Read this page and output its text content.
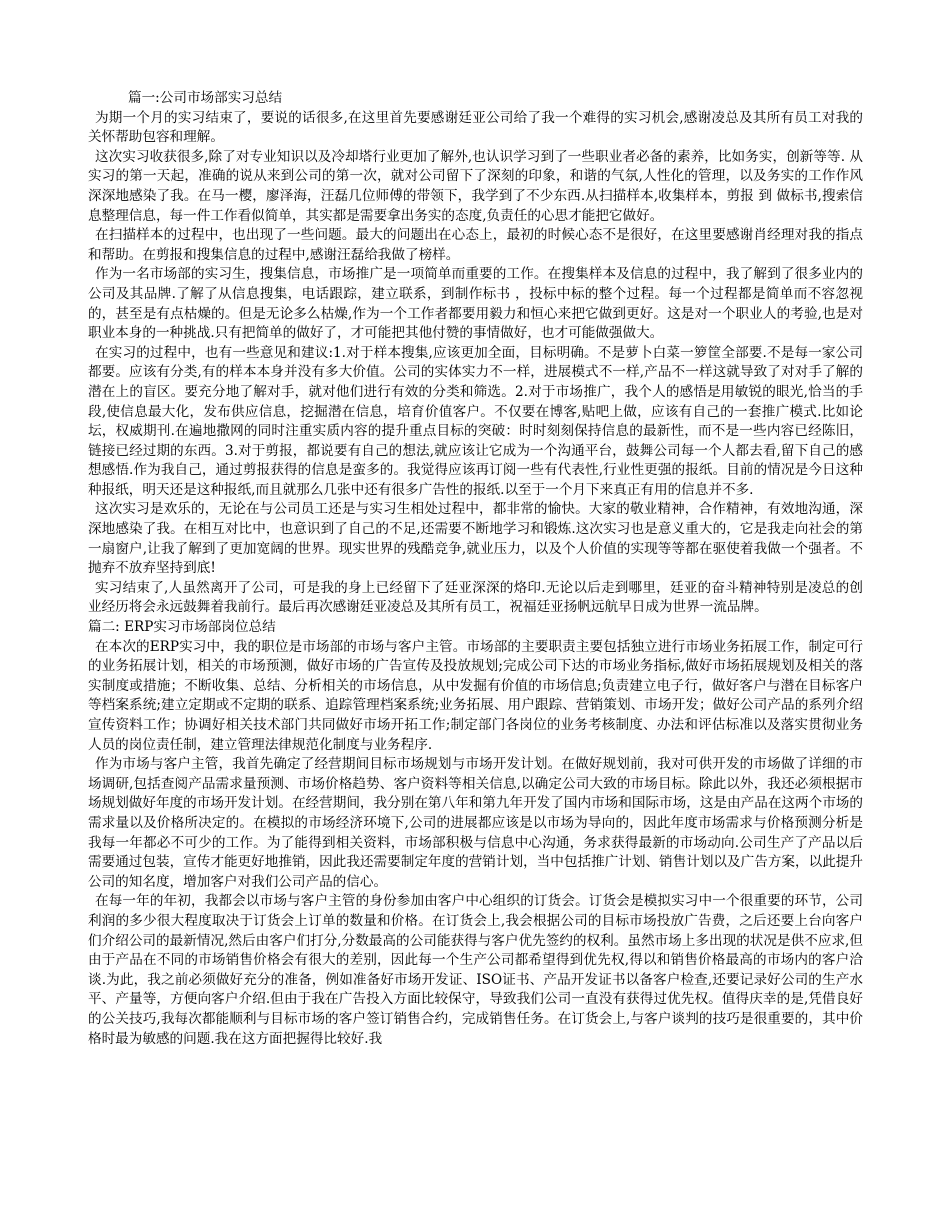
篇一:公司市场部实习总结

为期一个月的实习结束了，要说的话很多,在这里首先要感谢廷亚公司给了我一个难得的实习机会,感谢凌总及其所有员工对我的关怀帮助包容和理解。

这次实习收获很多,除了对专业知识以及冷却塔行业更加了解外,也认识学习到了一些职业者必备的素养，比如务实，创新等等. 从实习的第一天起，准确的说从来到公司的第一次，就对公司留下了深刻的印象，和谐的气氛,人性化的管理，以及务实的工作作风深深地感染了我。在马一樱，廖泽海，汪磊几位师傅的带领下，我学到了不少东西.从扫描样本,收集样本，剪报 到 做标书,搜索信息整理信息，每一件工作看似简单，其实都是需要拿出务实的态度,负责任的心思才能把它做好。

在扫描样本的过程中，也出现了一些问题。最大的问题出在心态上，最初的时候心态不是很好，在这里要感谢肖经理对我的指点和帮助。在剪报和搜集信息的过程中,感谢汪磊给我做了榜样。

作为一名市场部的实习生，搜集信息，市场推广是一项简单而重要的工作。在搜集样本及信息的过程中，我了解到了很多业内的公司及其品牌.了解了从信息搜集，电话跟踪，建立联系，到制作标书 ，投标中标的整个过程。每一个过程都是简单而不容忽视的，甚至是有点枯燥的。但是无论多么枯燥,作为一个工作者都要用毅力和恒心来把它做到更好。这是对一个职业人的考验,也是对职业本身的一种挑战.只有把简单的做好了，才可能把其他付赞的事情做好，也才可能做强做大。

在实习的过程中，也有一些意见和建议:1.对于样本搜集,应该更加全面，目标明确。不是萝卜白菜一箩筐全部要.不是每一家公司都要。应该有分类,有的样本本身并没有多大价值。公司的实体实力不一样，进展模式不一样,产品不一样这就导致了对对手了解的潜在上的盲区。要充分地了解对手，就对他们进行有效的分类和筛选。2.对于市场推广，我个人的感悟是用敏锐的眼光,恰当的手段,使信息最大化，发布供应信息，挖掘潜在信息，培育价值客户。不仅要在博客,贴吧上做，应该有自己的一套推广模式.比如论坛，权威期刊.在遍地撒网的同时注重实质内容的提升重点目标的突破：时时刻刻保持信息的最新性，而不是一些内容已经陈旧，链接已经过期的东西。3.对于剪报，都说要有自己的想法,就应该让它成为一个沟通平台，鼓舞公司每一个人都去看,留下自己的感想感悟.作为我自己，通过剪报获得的信息是蛮多的。我觉得应该再订阅一些有代表性,行业性更强的报纸。目前的情况是今日这种种报纸，明天还是这种报纸,而且就那么几张中还有很多广告性的报纸.以至于一个月下来真正有用的信息并不多.

这次实习是欢乐的，无论在与公司员工还是与实习生相处过程中，都非常的愉快。大家的敬业精神，合作精神，有效地沟通，深深地感染了我。在相互对比中，也意识到了自己的不足,还需要不断地学习和锻炼.这次实习也是意义重大的，它是我走向社会的第一扇窗户,让我了解到了更加宽阔的世界。现实世界的残酷竞争,就业压力，以及个人价值的实现等等都在驱使着我做一个强者。不抛弃不放弃坚持到底!

实习结束了,人虽然离开了公司，可是我的身上已经留下了廷亚深深的烙印.无论以后走到哪里，廷亚的奋斗精神特别是凌总的创业经历将会永远鼓舞着我前行。最后再次感谢廷亚凌总及其所有员工，祝福廷亚扬帆远航早日成为世界一流品牌。

篇二: ERP实习市场部岗位总结

在本次的ERP实习中，我的职位是市场部的市场与客户主管。市场部的主要职责主要包括独立进行市场业务拓展工作，制定可行的业务拓展计划，相关的市场预测，做好市场的广告宣传及投放规划;完成公司下达的市场业务指标,做好市场拓展规划及相关的落实制度或措施；不断收集、总结、分析相关的市场信息，从中发掘有价值的市场信息;负责建立电子行，做好客户与潜在目标客户等档案系统;建立定期或不定期的联系、追踪管理档案系统;业务拓展、用户跟踪、营销策划、市场开发；做好公司产品的系列介绍宣传资料工作；协调好相关技术部门共同做好市场开拓工作;制定部门各岗位的业务考核制度、办法和评估标准以及落实贯彻业务人员的岗位责任制，建立管理法律规范化制度与业务程序.

作为市场与客户主管，我首先确定了经营期间目标市场规划与市场开发计划。在做好规划前，我对可供开发的市场做了详细的市场调研,包括查阅产品需求量预测、市场价格趋势、客户资料等相关信息,以确定公司大致的市场目标。除此以外，我还必须根据市场规划做好年度的市场开发计划。在经营期间，我分别在第八年和第九年开发了国内市场和国际市场，这是由产品在这两个市场的需求量以及价格所决定的。在模拟的市场经济环境下,公司的进展都应该是以市场为导向的，因此年度市场需求与价格预测分析是我每一年都必不可少的工作。为了能得到相关资料，市场部积极与信息中心沟通，务求获得最新的市场动向.公司生产了产品以后需要通过包装，宣传才能更好地推销，因此我还需要制定年度的营销计划，当中包括推广计划、销售计划以及广告方案，以此提升公司的知名度，增加客户对我们公司产品的信心。

在每一年的年初，我都会以市场与客户主管的身份参加由客户中心组织的订货会。订货会是模拟实习中一个很重要的环节，公司利润的多少很大程度取决于订货会上订单的数量和价格。在订货会上,我会根据公司的目标市场投放广告费，之后还要上台向客户们介绍公司的最新情况,然后由客户们打分,分数最高的公司能获得与客户优先签约的权利。虽然市场上多出现的状况是供不应求,但由于产品在不同的市场销售价格会有很大的差别，因此每一个生产公司都希望得到优先权,得以和销售价格最高的市场内的客户洽谈.为此，我之前必须做好充分的准备，例如准备好市场开发证、ISO证书、产品开发证书以备客户检查,还要记录好公司的生产水平、产量等，方便向客户介绍.但由于我在广告投入方面比较保守，导致我们公司一直没有获得过优先权。值得庆幸的是,凭借良好的公关技巧,我每次都能顺利与目标市场的客户签订销售合约，完成销售任务。在订货会上,与客户谈判的技巧是很重要的，其中价格时最为敏感的问题.我在这方面把握得比较好.我
